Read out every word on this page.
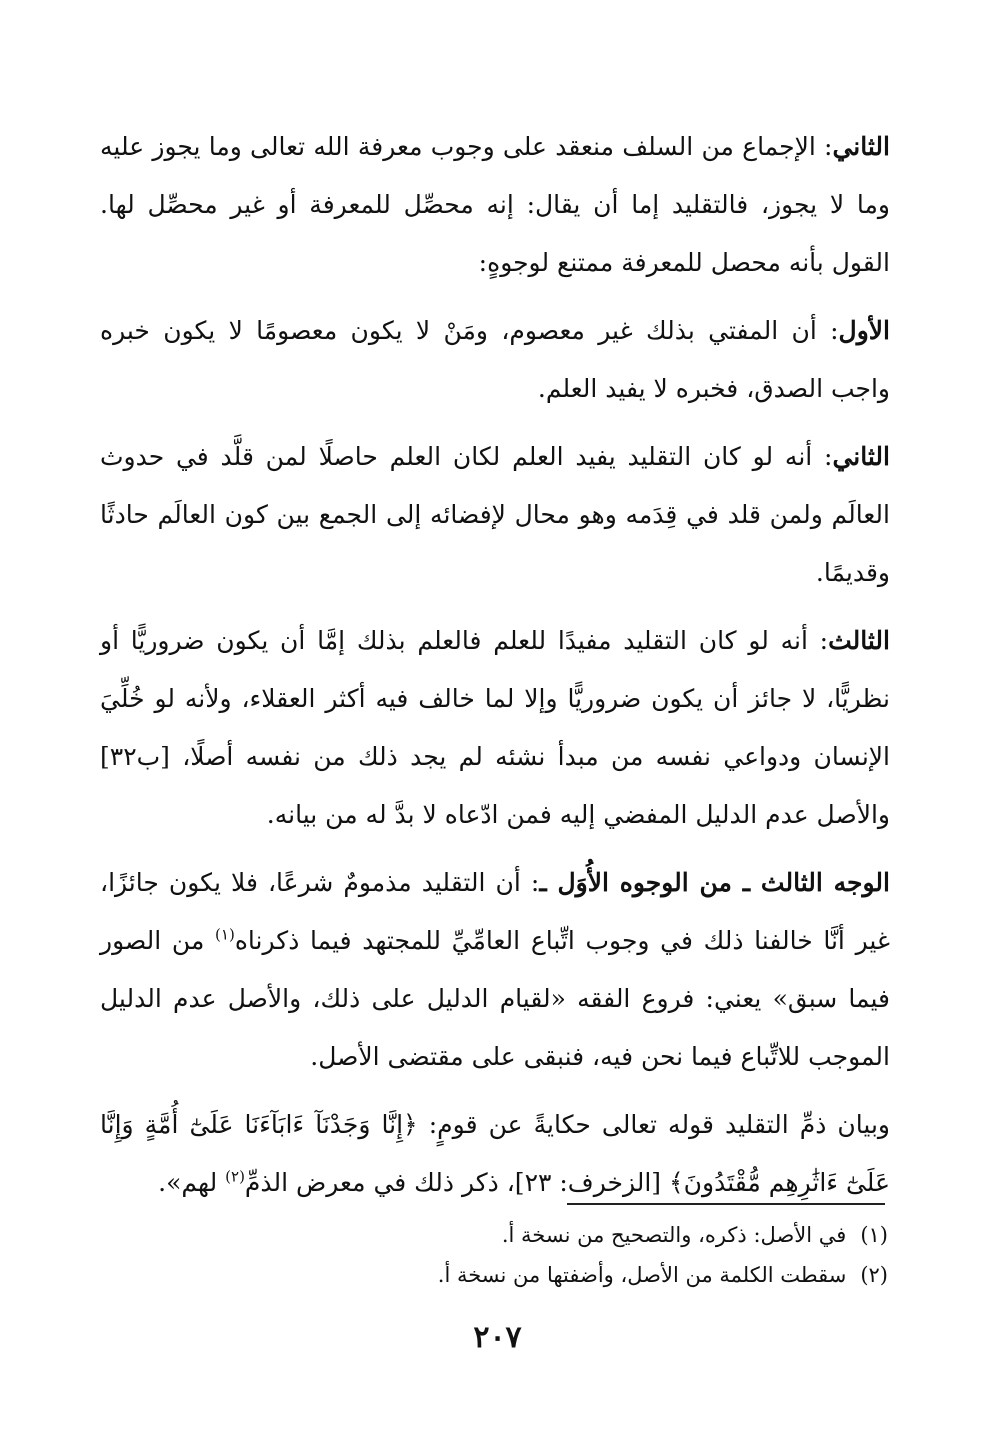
الثاني: الإجماع من السلف منعقد على وجوب معرفة الله تعالى وما يجوز عليه وما لا يجوز، فالتقليد إما أن يقال: إنه محصِّل للمعرفة أو غير محصِّل لها. القول بأنه محصل للمعرفة ممتنع لوجوهٍ:

الأول: أن المفتي بذلك غير معصوم، ومَنْ لا يكون معصومًا لا يكون خبره واجب الصدق، فخبره لا يفيد العلم.

الثاني: أنه لو كان التقليد يفيد العلم لكان العلم حاصلًا لمن قلَّد في حدوث العالَم ولمن قلد في قِدَمه وهو محال لإفضائه إلى الجمع بين كون العالَم حادثًا وقديمًا.

الثالث: أنه لو كان التقليد مفيدًا للعلم فالعلم بذلك إمَّا أن يكون ضروريًّا أو نظريًّا، لا جائز أن يكون ضروريًّا وإلا لما خالف فيه أكثر العقلاء، ولأنه لو خُلِّيَ الإنسان ودواعي نفسه من مبدأ نشئه لم يجد ذلك من نفسه أصلًا، [ب٣٢] والأصل عدم الدليل المفضي إليه فمن ادّعاه لا بدَّ له من بيانه.

الوجه الثالث ـ من الوجوه الأُوَل ـ: أن التقليد مذمومٌ شرعًا، فلا يكون جائزًا، غير أنَّا خالفنا ذلك في وجوب اتِّباع العامِّيِّ للمجتهد فيما ذكرناه$^{(١)}$ من الصور فيما سبق» يعني: فروع الفقه «لقيام الدليل على ذلك، والأصل عدم الدليل الموجب للاتِّباع فيما نحن فيه، فنبقى على مقتضى الأصل.

وبيان ذمِّ التقليد قوله تعالى حكايةً عن قومٍ: ﴿إِنَّا وَجَدْنَآ ءَابَآءَنَا عَلَىٰٓ أُمَّةٍ وَإِنَّا عَلَىٰٓ ءَاثَٰرِهِم مُّقْتَدُونَ﴾ [الزخرف: ٢٣]، ذكر ذلك في معرض الذمِّ$^{(٢)}$ لهم».

(١)في الأصل: ذكره، والتصحيح من نسخة أ.
(٢)سقطت الكلمة من الأصل، وأضفتها من نسخة أ.
٢٠٧
